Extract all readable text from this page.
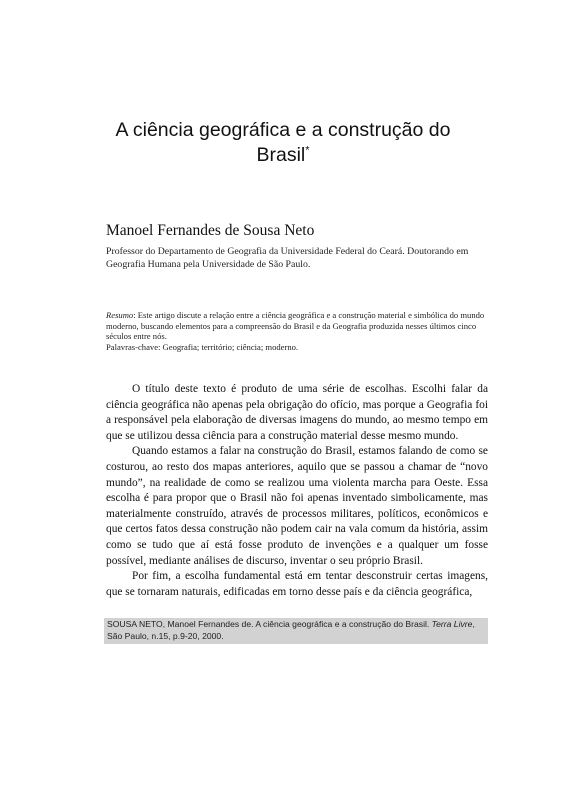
A ciência geográfica e a construção do
Brasil*
Manoel Fernandes de Sousa Neto
Professor do Departamento de Geografia da Universidade Federal do Ceará. Doutorando em Geografia Humana pela Universidade de São Paulo.

Resumo: Este artigo discute a relação entre a ciência geográfica e a construção material e simbólica do mundo moderno, buscando elementos para a compreensão do Brasil e da Geografia produzida nesses últimos cinco séculos entre nós.

Palavras-chave: Geografia; território; ciência; moderno.

O título deste texto é produto de uma série de escolhas. Escolhi falar da ciência geográfica não apenas pela obrigação do ofício, mas porque a Geografia foi a responsável pela elaboração de diversas imagens do mundo, ao mesmo tempo em que se utilizou dessa ciência para a construção material desse mesmo mundo.

Quando estamos a falar na construção do Brasil, estamos falando de como se costurou, ao resto dos mapas anteriores, aquilo que se passou a chamar de “novo mundo”, na realidade de como se realizou uma violenta marcha para Oeste. Essa escolha é para propor que o Brasil não foi apenas inventado simbolicamente, mas materialmente construído, através de processos militares, políticos, econômicos e que certos fatos dessa construção não podem cair na vala comum da história, assim como se tudo que aí está fosse produto de invenções e a qualquer um fosse possível, mediante análises de discurso, inventar o seu próprio Brasil.

Por fim, a escolha fundamental está em tentar desconstruir certas imagens, que se tornaram naturais, edificadas em torno desse país e da ciência geográfica,

SOUSA NETO, Manoel Fernandes de. A ciência geográfica e a construção do Brasil. Terra Livre, São Paulo, n.15, p.9-20, 2000.
